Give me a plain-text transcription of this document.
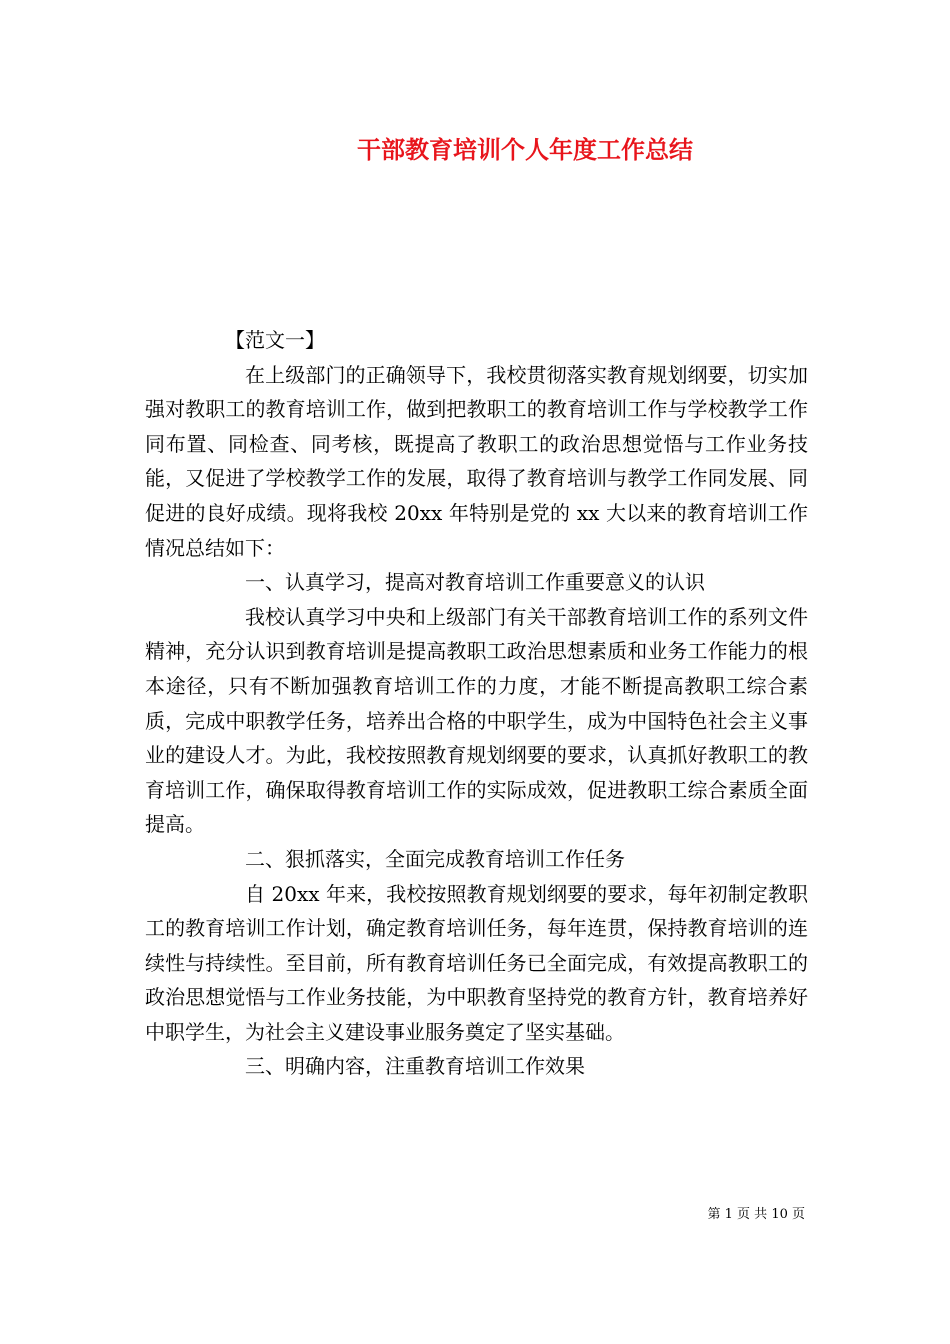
干部教育培训个人年度工作总结

【范文一】

在上级部门的正确领导下，我校贯彻落实教育规划纲要，切实加强对教职工的教育培训工作，做到把教职工的教育培训工作与学校教学工作同布置、同检查、同考核，既提高了教职工的政治思想觉悟与工作业务技能，又促进了学校教学工作的发展，取得了教育培训与教学工作同发展、同促进的良好成绩。现将我校 20xx 年特别是党的 xx 大以来的教育培训工作情况总结如下：

一、认真学习，提高对教育培训工作重要意义的认识

我校认真学习中央和上级部门有关干部教育培训工作的系列文件精神，充分认识到教育培训是提高教职工政治思想素质和业务工作能力的根本途径，只有不断加强教育培训工作的力度，才能不断提高教职工综合素质，完成中职教学任务，培养出合格的中职学生，成为中国特色社会主义事业的建设人才。为此，我校按照教育规划纲要的要求，认真抓好教职工的教育培训工作，确保取得教育培训工作的实际成效，促进教职工综合素质全面提高。

二、狠抓落实，全面完成教育培训工作任务

自 20xx 年来，我校按照教育规划纲要的要求，每年初制定教职工的教育培训工作计划，确定教育培训任务，每年连贯，保持教育培训的连续性与持续性。至目前，所有教育培训任务已全面完成，有效提高教职工的政治思想觉悟与工作业务技能，为中职教育坚持党的教育方针，教育培养好中职学生，为社会主义建设事业服务奠定了坚实基础。

三、明确内容，注重教育培训工作效果

第 1 页 共 10 页
